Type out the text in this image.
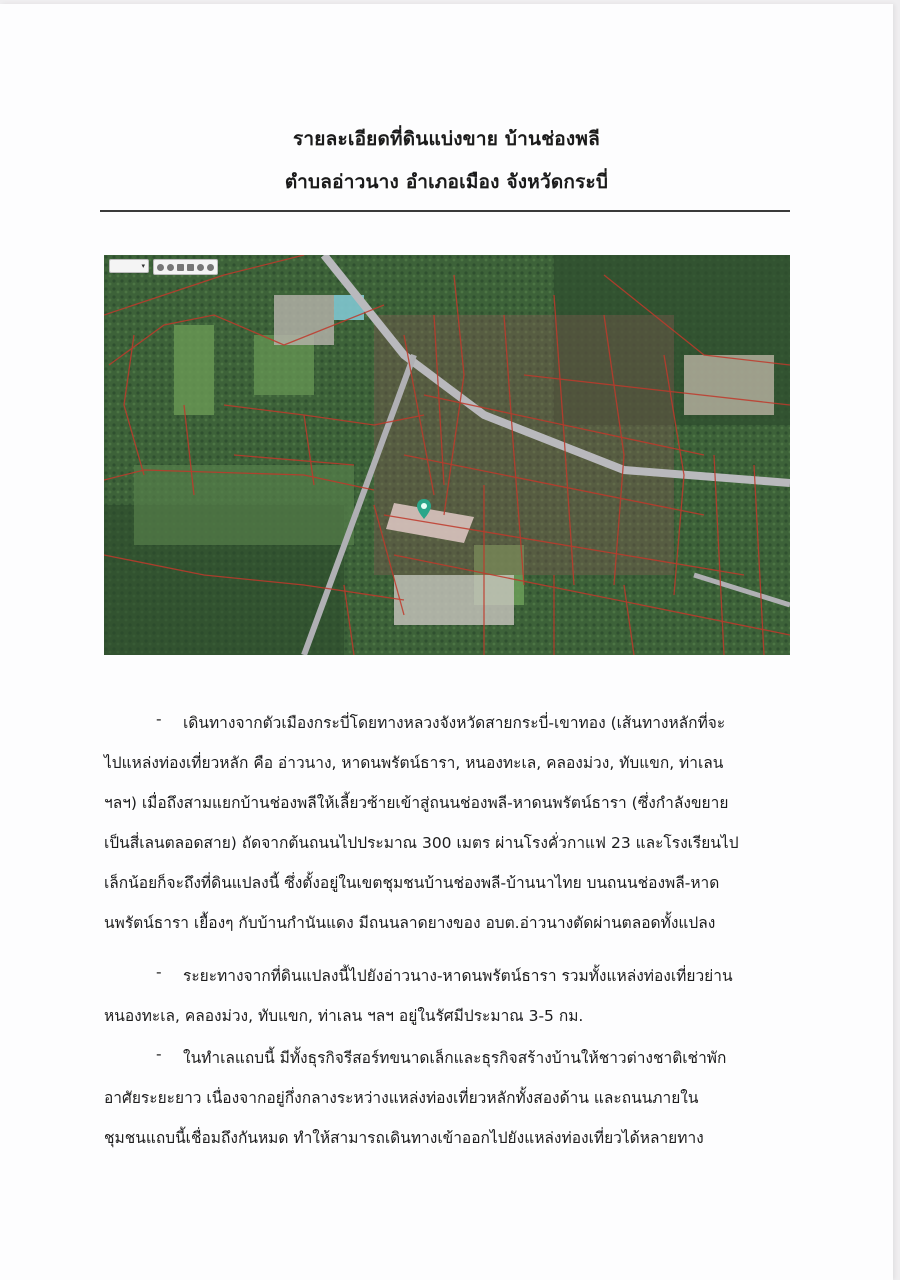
รายละเอียดที่ดินแบ่งขาย บ้านช่องพลี
ตำบลอ่าวนาง อำเภอเมือง จังหวัดกระบี่

▾
- เดินทางจากตัวเมืองกระบี่โดยทางหลวงจังหวัดสายกระบี่-เขาทอง (เส้นทางหลักที่จะ
ไปแหล่งท่องเที่ยวหลัก คือ อ่าวนาง, หาดนพรัตน์ธารา, หนองทะเล, คลองม่วง, ทับแขก, ท่าเลน
ฯลฯ) เมื่อถึงสามแยกบ้านช่องพลีให้เลี้ยวซ้ายเข้าสู่ถนนช่องพลี-หาดนพรัตน์ธารา (ซึ่งกำลังขยาย
เป็นสี่เลนตลอดสาย) ถัดจากต้นถนนไปประมาณ 300 เมตร ผ่านโรงคั่วกาแฟ 23 และโรงเรียนไป
เล็กน้อยก็จะถึงที่ดินแปลงนี้ ซึ่งตั้งอยู่ในเขตชุมชนบ้านช่องพลี-บ้านนาไทย บนถนนช่องพลี-หาด
นพรัตน์ธารา เยื้องๆ กับบ้านกำนันแดง มีถนนลาดยางของ อบต.อ่าวนางตัดผ่านตลอดทั้งแปลง
- ระยะทางจากที่ดินแปลงนี้ไปยังอ่าวนาง-หาดนพรัตน์ธารา รวมทั้งแหล่งท่องเที่ยวย่าน
หนองทะเล, คลองม่วง, ทับแขก, ท่าเลน ฯลฯ อยู่ในรัศมีประมาณ 3-5 กม.
- ในทำเลแถบนี้ มีทั้งธุรกิจรีสอร์ทขนาดเล็กและธุรกิจสร้างบ้านให้ชาวต่างชาติเช่าพัก
อาศัยระยะยาว เนื่องจากอยู่กึ่งกลางระหว่างแหล่งท่องเที่ยวหลักทั้งสองด้าน และถนนภายใน
ชุมชนแถบนี้เชื่อมถึงกันหมด ทำให้สามารถเดินทางเข้าออกไปยังแหล่งท่องเที่ยวได้หลายทาง
